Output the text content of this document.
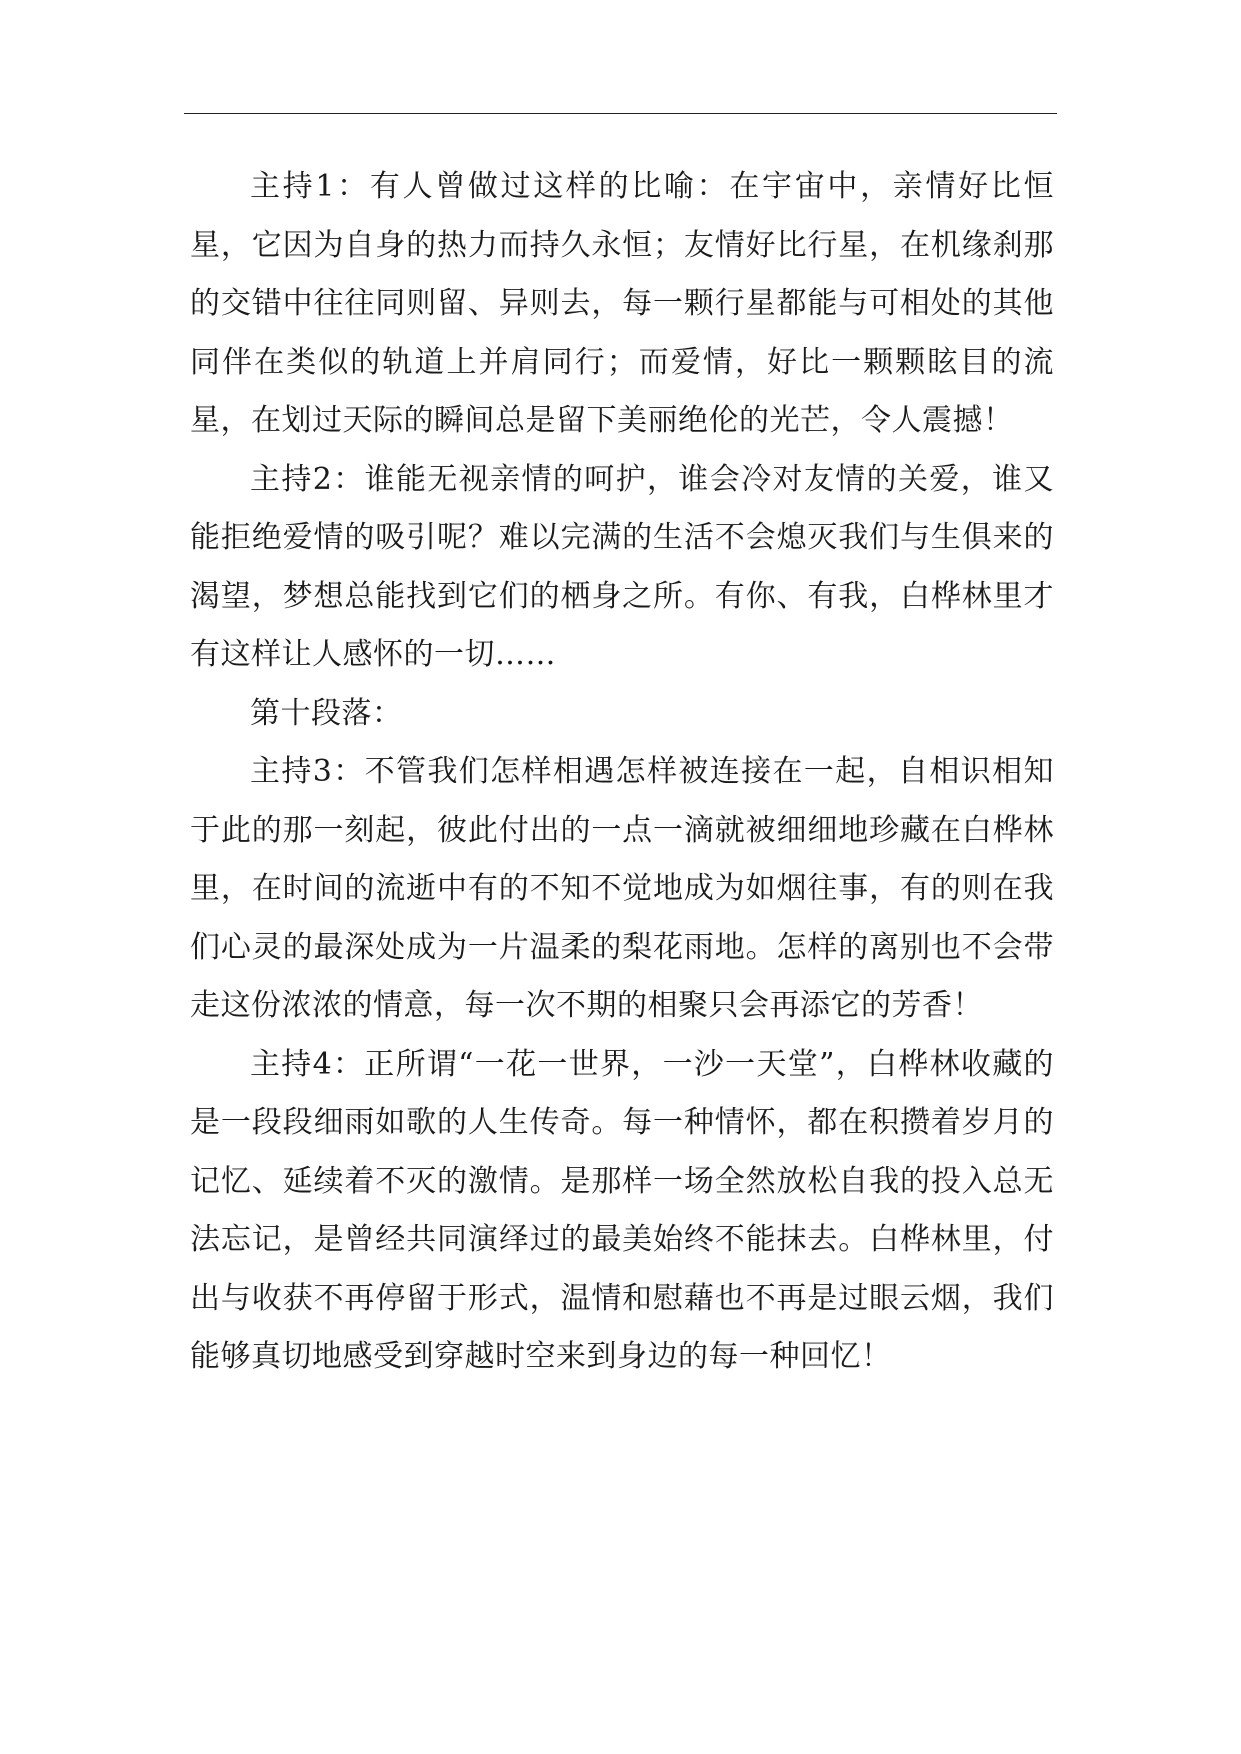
主持1：有人曾做过这样的比喻：在宇宙中，亲情好比恒星，它因为自身的热力而持久永恒；友情好比行星，在机缘刹那的交错中往往同则留、异则去，每一颗行星都能与可相处的其他同伴在类似的轨道上并肩同行；而爱情，好比一颗颗眩目的流星，在划过天际的瞬间总是留下美丽绝伦的光芒，令人震撼！

主持2：谁能无视亲情的呵护，谁会冷对友情的关爱，谁又能拒绝爱情的吸引呢？难以完满的生活不会熄灭我们与生俱来的渴望，梦想总能找到它们的栖身之所。有你、有我，白桦林里才有这样让人感怀的一切……

第十段落：

主持3：不管我们怎样相遇怎样被连接在一起，自相识相知于此的那一刻起，彼此付出的一点一滴就被细细地珍藏在白桦林里，在时间的流逝中有的不知不觉地成为如烟往事，有的则在我们心灵的最深处成为一片温柔的梨花雨地。怎样的离别也不会带走这份浓浓的情意，每一次不期的相聚只会再添它的芳香！

主持4：正所谓“一花一世界，一沙一天堂”，白桦林收藏的是一段段细雨如歌的人生传奇。每一种情怀，都在积攒着岁月的记忆、延续着不灭的激情。是那样一场全然放松自我的投入总无法忘记，是曾经共同演绎过的最美始终不能抹去。白桦林里，付出与收获不再停留于形式，温情和慰藉也不再是过眼云烟，我们能够真切地感受到穿越时空来到身边的每一种回忆！
